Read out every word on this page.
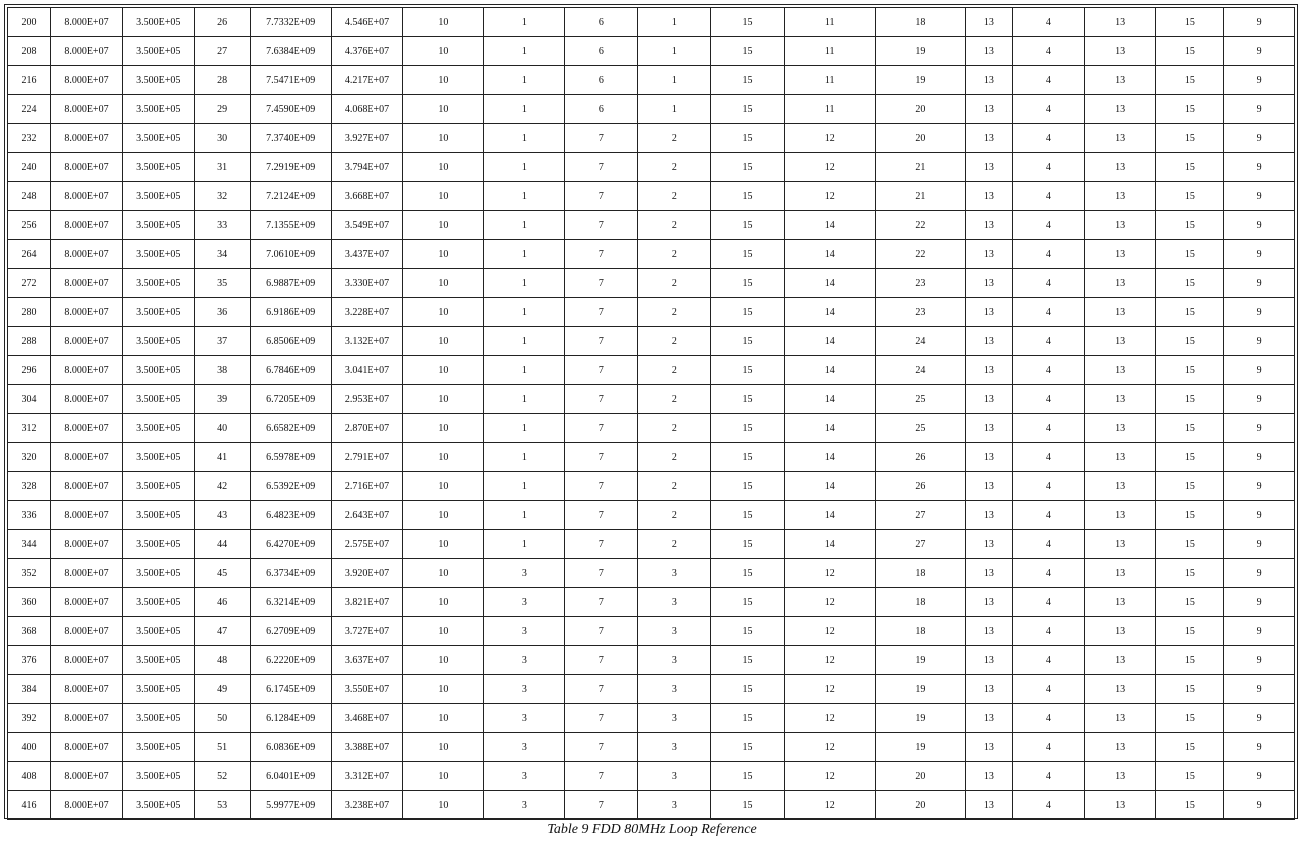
200	8.000E+07	3.500E+05	26	7.7332E+09	4.546E+07	10	1	6	1	15	11	18	13	4	13	15	9
208	8.000E+07	3.500E+05	27	7.6384E+09	4.376E+07	10	1	6	1	15	11	19	13	4	13	15	9
216	8.000E+07	3.500E+05	28	7.5471E+09	4.217E+07	10	1	6	1	15	11	19	13	4	13	15	9
224	8.000E+07	3.500E+05	29	7.4590E+09	4.068E+07	10	1	6	1	15	11	20	13	4	13	15	9
232	8.000E+07	3.500E+05	30	7.3740E+09	3.927E+07	10	1	7	2	15	12	20	13	4	13	15	9
240	8.000E+07	3.500E+05	31	7.2919E+09	3.794E+07	10	1	7	2	15	12	21	13	4	13	15	9
248	8.000E+07	3.500E+05	32	7.2124E+09	3.668E+07	10	1	7	2	15	12	21	13	4	13	15	9
256	8.000E+07	3.500E+05	33	7.1355E+09	3.549E+07	10	1	7	2	15	14	22	13	4	13	15	9
264	8.000E+07	3.500E+05	34	7.0610E+09	3.437E+07	10	1	7	2	15	14	22	13	4	13	15	9
272	8.000E+07	3.500E+05	35	6.9887E+09	3.330E+07	10	1	7	2	15	14	23	13	4	13	15	9
280	8.000E+07	3.500E+05	36	6.9186E+09	3.228E+07	10	1	7	2	15	14	23	13	4	13	15	9
288	8.000E+07	3.500E+05	37	6.8506E+09	3.132E+07	10	1	7	2	15	14	24	13	4	13	15	9
296	8.000E+07	3.500E+05	38	6.7846E+09	3.041E+07	10	1	7	2	15	14	24	13	4	13	15	9
304	8.000E+07	3.500E+05	39	6.7205E+09	2.953E+07	10	1	7	2	15	14	25	13	4	13	15	9
312	8.000E+07	3.500E+05	40	6.6582E+09	2.870E+07	10	1	7	2	15	14	25	13	4	13	15	9
320	8.000E+07	3.500E+05	41	6.5978E+09	2.791E+07	10	1	7	2	15	14	26	13	4	13	15	9
328	8.000E+07	3.500E+05	42	6.5392E+09	2.716E+07	10	1	7	2	15	14	26	13	4	13	15	9
336	8.000E+07	3.500E+05	43	6.4823E+09	2.643E+07	10	1	7	2	15	14	27	13	4	13	15	9
344	8.000E+07	3.500E+05	44	6.4270E+09	2.575E+07	10	1	7	2	15	14	27	13	4	13	15	9
352	8.000E+07	3.500E+05	45	6.3734E+09	3.920E+07	10	3	7	3	15	12	18	13	4	13	15	9
360	8.000E+07	3.500E+05	46	6.3214E+09	3.821E+07	10	3	7	3	15	12	18	13	4	13	15	9
368	8.000E+07	3.500E+05	47	6.2709E+09	3.727E+07	10	3	7	3	15	12	18	13	4	13	15	9
376	8.000E+07	3.500E+05	48	6.2220E+09	3.637E+07	10	3	7	3	15	12	19	13	4	13	15	9
384	8.000E+07	3.500E+05	49	6.1745E+09	3.550E+07	10	3	7	3	15	12	19	13	4	13	15	9
392	8.000E+07	3.500E+05	50	6.1284E+09	3.468E+07	10	3	7	3	15	12	19	13	4	13	15	9
400	8.000E+07	3.500E+05	51	6.0836E+09	3.388E+07	10	3	7	3	15	12	19	13	4	13	15	9
408	8.000E+07	3.500E+05	52	6.0401E+09	3.312E+07	10	3	7	3	15	12	20	13	4	13	15	9
416	8.000E+07	3.500E+05	53	5.9977E+09	3.238E+07	10	3	7	3	15	12	20	13	4	13	15	9
Table 9 FDD 80MHz Loop Reference
